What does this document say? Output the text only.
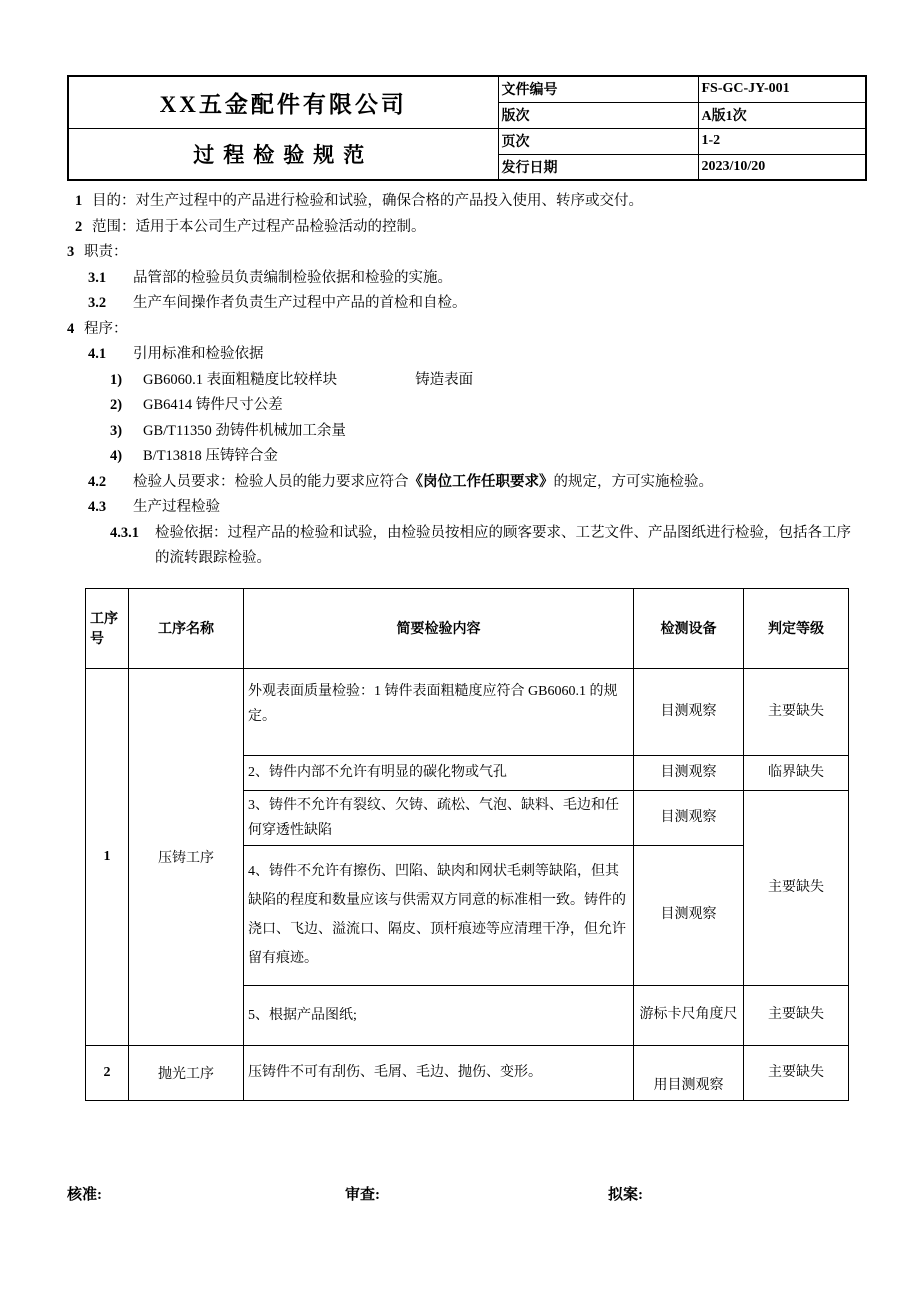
XX五金配件有限公司	文件编号	FS-GC-JY-001
	版次	A版1次
过程检验规范	页次	1-2
	发行日期	2023/10/20
1 目的：对生产过程中的产品进行检验和试验，确保合格的产品投入使用、转序或交付。
2 范围：适用于本公司生产过程产品检验活动的控制。
3 职责：
3.1	品管部的检验员负责编制检验依据和检验的实施。
3.2	生产车间操作者负责生产过程中产品的首检和自检。
4 程序：
4.1	引用标准和检验依据
1)	GB6060.1 表面粗糙度比较样块	铸造表面
2)	GB6414 铸件尺寸公差
3)	GB/T11350 劲铸件机械加工余量
4)	B/T13818 压铸锌合金
4.2	检验人员要求：检验人员的能力要求应符合《岗位工作任职要求》的规定，方可实施检验。
4.3	生产过程检验
4.3.1	检验依据：过程产品的检验和试验，由检验员按相应的顾客要求、工艺文件、产品图纸进行检验，包括各工序的流转跟踪检验。
工序号	工序名称	简要检验内容	检测设备	判定等级
1	压铸工序	外观表面质量检验：1 铸件表面粗糙度应符合 GB6060.1 的规定。	目测观察	主要缺失
		2、铸件内部不允许有明显的碳化物或气孔	目测观察	临界缺失
		3、铸件不允许有裂纹、欠铸、疏松、气泡、缺料、毛边和任何穿透性缺陷	目测观察	主要缺失
		4、铸件不允许有擦伤、凹陷、缺肉和网状毛刺等缺陷，但其缺陷的程度和数量应该与供需双方同意的标准相一致。铸件的浇口、飞边、溢流口、隔皮、顶杆痕迹等应清理干净，但允许留有痕迹。	目测观察	
		5、根据产品图纸;	游标卡尺角度尺	主要缺失
2	抛光工序	压铸件不可有刮伤、毛屑、毛边、抛伤、变形。	用目测观察	主要缺失
核准:	审查:	拟案:
